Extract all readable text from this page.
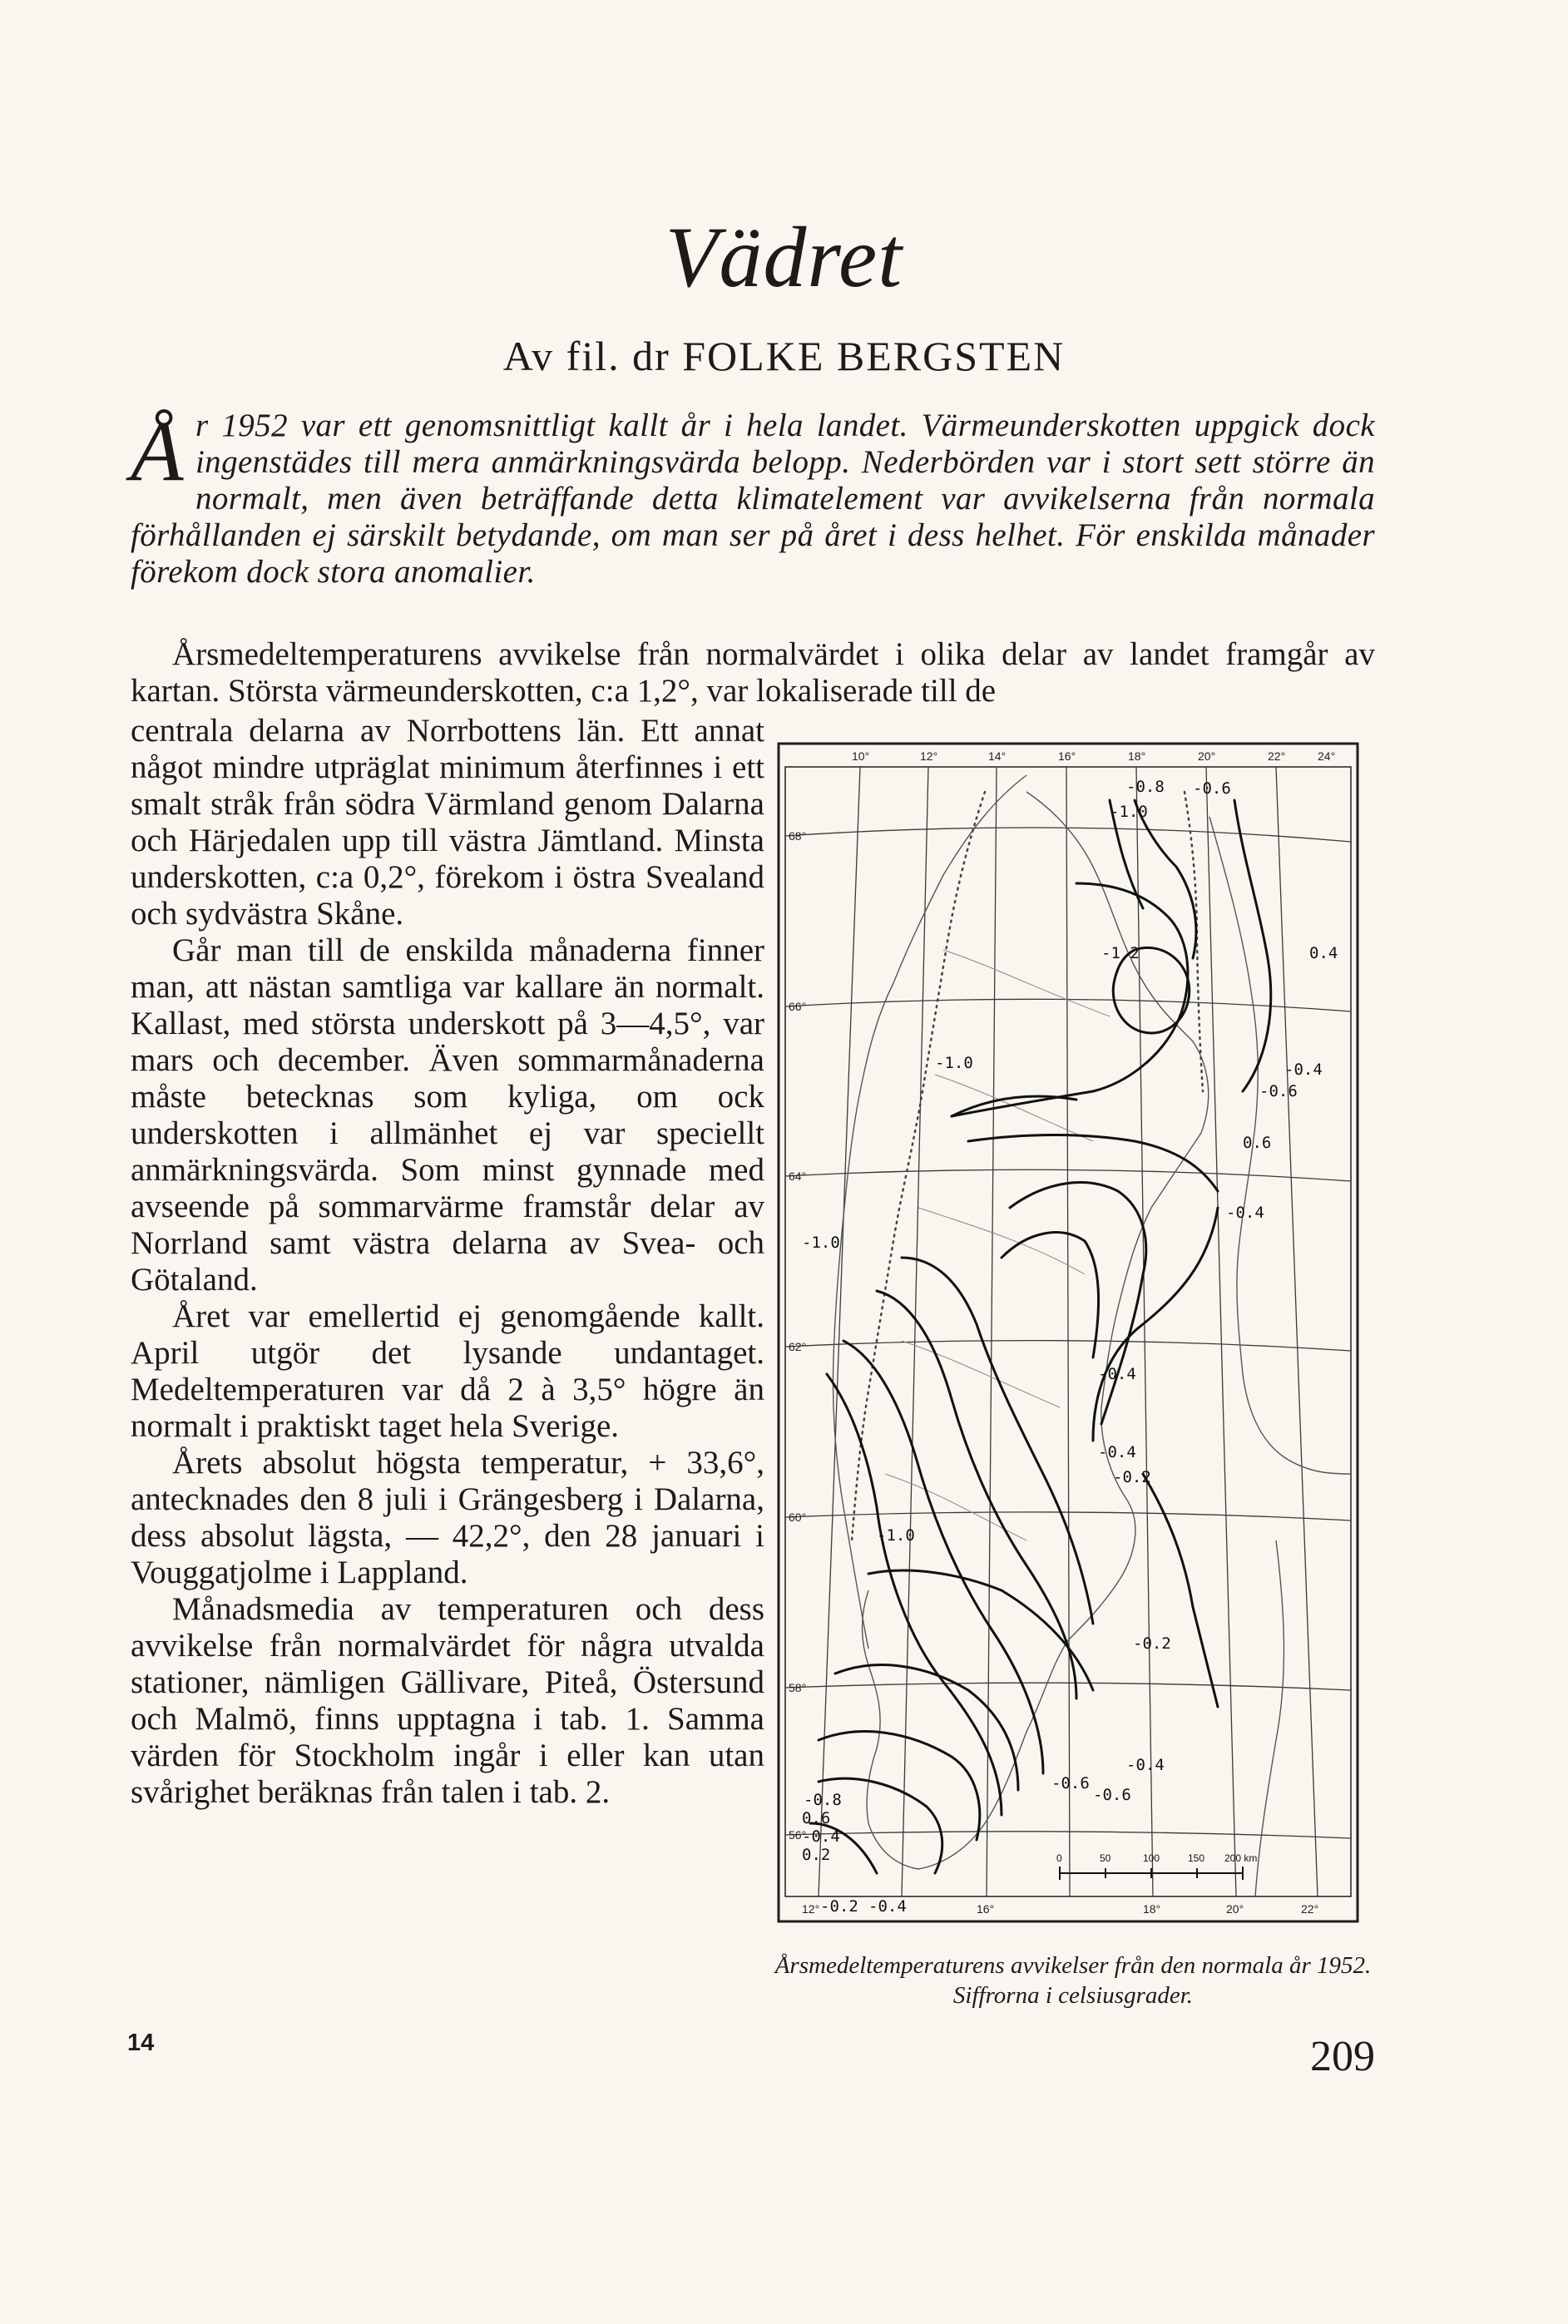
Vädret
Av fil. dr FOLKE BERGSTEN
År 1952 var ett genomsnittligt kallt år i hela landet. Värmeunderskotten uppgick dock ingenstädes till mera anmärkningsvärda belopp. Nederbörden var i stort sett större än normalt, men även beträffande detta klimatelement var avvikelserna från normala förhållanden ej särskilt betydande, om man ser på året i dess helhet. För enskilda månader förekom dock stora anomalier.

Årsmedeltemperaturens avvikelse från normalvärdet i olika delar av landet framgår av kartan. Största värmeunderskotten, c:a 1,2°, var lokaliserade till de

centrala delarna av Norrbottens län. Ett annat något mindre utpräglat minimum återfinnes i ett smalt stråk från södra Värmland genom Dalarna och Härjedalen upp till västra Jämtland. Minsta underskotten, c:a 0,2°, förekom i östra Svealand och sydvästra Skåne.

Går man till de enskilda månaderna finner man, att nästan samtliga var kallare än normalt. Kallast, med största underskott på 3—4,5°, var mars och december. Även sommarmånaderna måste betecknas som kyliga, om ock underskotten i allmänhet ej var speciellt anmärkningsvärda. Som minst gynnade med avseende på sommarvärme framstår delar av Norrland samt västra delarna av Svea- och Götaland.

Året var emellertid ej genomgående kallt. April utgör det lysande undantaget. Medeltemperaturen var då 2 à 3,5° högre än normalt i praktiskt taget hela Sverige.

Årets absolut högsta temperatur, + 33,6°, antecknades den 8 juli i Grängesberg i Dalarna, dess absolut lägsta, — 42,2°, den 28 januari i Vouggatjolme i Lappland.

Månadsmedia av temperaturen och dess avvikelse från normalvärdet för några utvalda stationer, nämligen Gällivare, Piteå, Östersund och Malmö, finns upptagna i tab. 1. Samma värden för Stockholm ingår i eller kan utan svårighet beräknas från talen i tab. 2.

10°	12°	14°	16°	18°	20°	22°	24°
12°	16°	18°	20°	22°
68°
66°
64°
62°
60°
58°
56°
-0.8 -0.6
-1.0
-1.2	0.4
-1.0	-0.4
-0.6
0.6
-0.4
-1.0
-0.4
-0.4
-0.2
-1.0
-0.2
-0.6
-0.4
-0.6
-0.8
0.6
-0.4
0.2
-0.2 -0.4
0	50	100	150 200 km
Årsmedeltemperaturens avvikelser från den normala år 1952. Siffrorna i celsiusgrader.
14	209
